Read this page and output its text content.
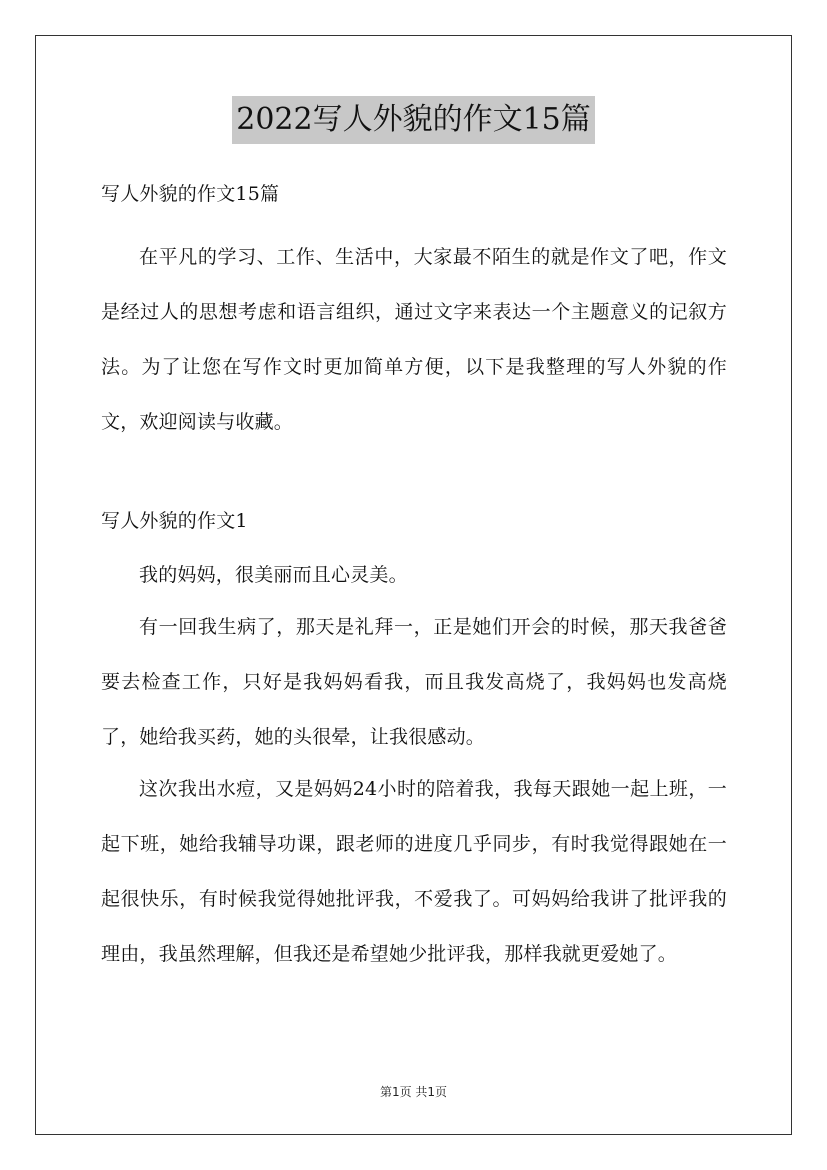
2022写人外貌的作文15篇
写人外貌的作文15篇

在平凡的学习、工作、生活中，大家最不陌生的就是作文了吧，作文是经过人的思想考虑和语言组织，通过文字来表达一个主题意义的记叙方法。为了让您在写作文时更加简单方便，以下是我整理的写人外貌的作文，欢迎阅读与收藏。

写人外貌的作文1

我的妈妈，很美丽而且心灵美。

有一回我生病了，那天是礼拜一，正是她们开会的时候，那天我爸爸要去检查工作，只好是我妈妈看我，而且我发高烧了，我妈妈也发高烧了，她给我买药，她的头很晕，让我很感动。

这次我出水痘，又是妈妈24小时的陪着我，我每天跟她一起上班，一起下班，她给我辅导功课，跟老师的进度几乎同步，有时我觉得跟她在一起很快乐，有时候我觉得她批评我，不爱我了。可妈妈给我讲了批评我的理由，我虽然理解，但我还是希望她少批评我，那样我就更爱她了。

第1页 共1页
